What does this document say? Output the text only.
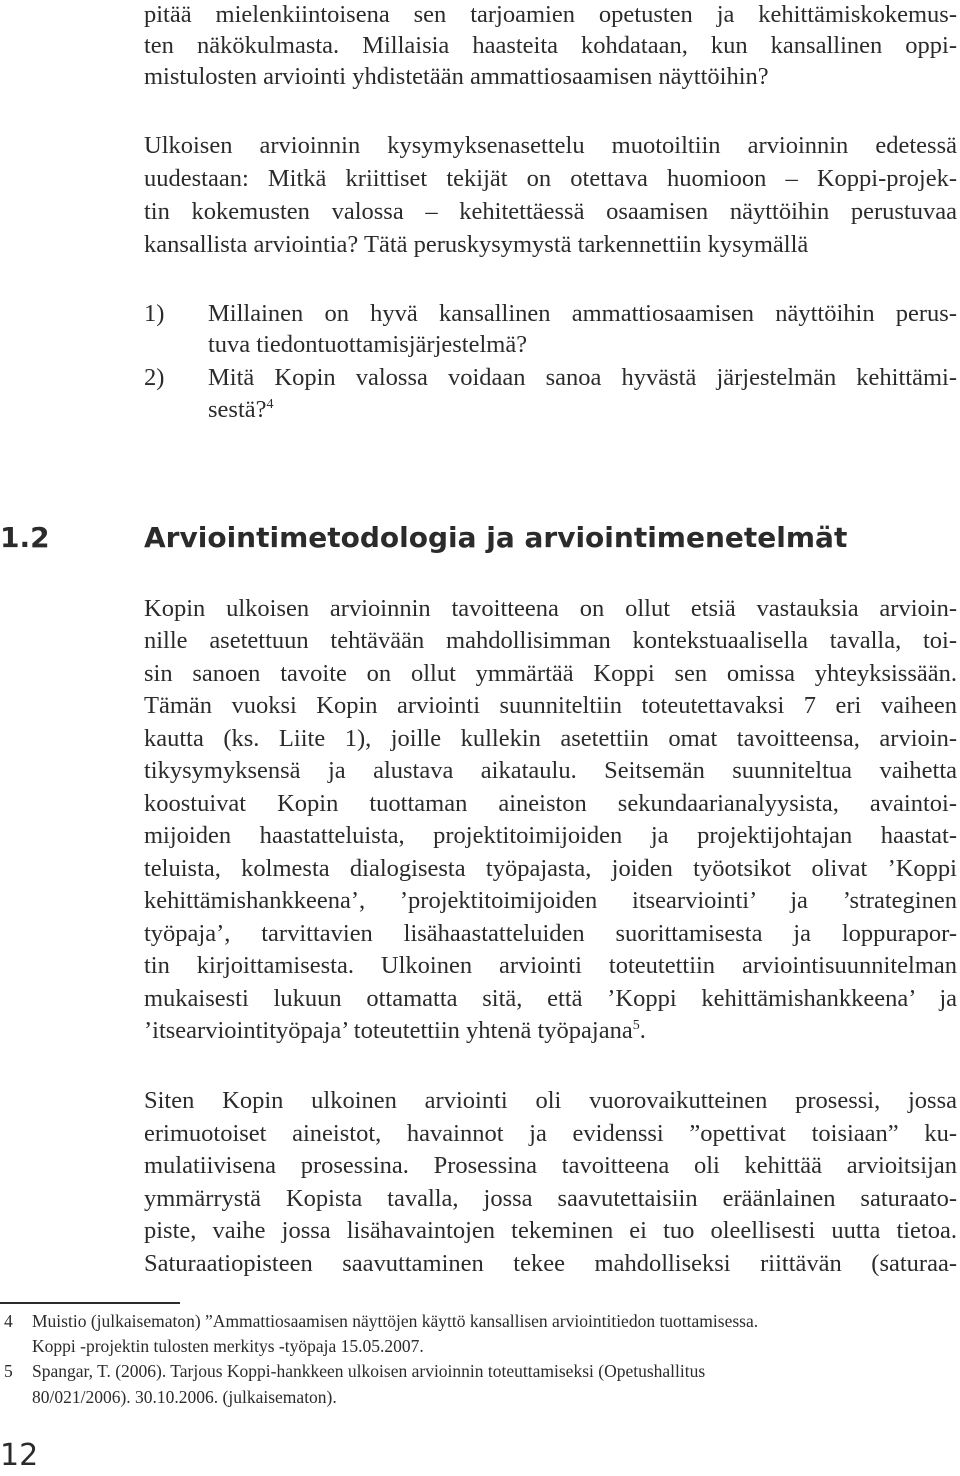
pitää mielenkiintoisena sen tarjoamien opetusten ja kehittämiskokemus-
ten näkökulmasta. Millaisia haasteita kohdataan, kun kansallinen oppi-
mistulosten arviointi yhdistetään ammattiosaamisen näyttöihin?
Ulkoisen arvioinnin kysymyksenasettelu muotoiltiin arvioinnin edetessä
uudestaan: Mitkä kriittiset tekijät on otettava huomioon – Koppi-projek-
tin kokemusten valossa – kehitettäessä osaamisen näyttöihin perustuvaa
kansallista arviointia? Tätä peruskysymystä tarkennettiin kysymällä
1) Millainen on hyvä kansallinen ammattiosaamisen näyttöihin perus-
tuva tiedontuottamisjärjestelmä?
2) Mitä Kopin valossa voidaan sanoa hyvästä järjestelmän kehittämi-
sestä?$^4$
1.2	Arviointimetodologia ja arviointimenetelmät
Kopin ulkoisen arvioinnin tavoitteena on ollut etsiä vastauksia arvioin-
nille asetettuun tehtävään mahdollisimman kontekstuaalisella tavalla, toi-
sin sanoen tavoite on ollut ymmärtää Koppi sen omissa yhteyksissään.
Tämän vuoksi Kopin arviointi suunniteltiin toteutettavaksi 7 eri vaiheen
kautta (ks. Liite 1), joille kullekin asetettiin omat tavoitteensa, arvioin-
tikysymyksensä ja alustava aikataulu. Seitsemän suunniteltua vaihetta
koostuivat Kopin tuottaman aineiston sekundaarianalyysista, avaintoi-
mijoiden haastatteluista, projektitoimijoiden ja projektijohtajan haastat-
teluista, kolmesta dialogisesta työpajasta, joiden työotsikot olivat ’Koppi
kehittämishankkeena’, ’projektitoimijoiden itsearviointi’ ja ’strateginen
työpaja’, tarvittavien lisähaastatteluiden suorittamisesta ja loppurapor-
tin kirjoittamisesta. Ulkoinen arviointi toteutettiin arviointisuunnitelman
mukaisesti lukuun ottamatta sitä, että ’Koppi kehittämishankkeena’ ja
’itsearviointityöpaja’ toteutettiin yhtenä työpajana$^5$.
Siten Kopin ulkoinen arviointi oli vuorovaikutteinen prosessi, jossa
erimuotoiset aineistot, havainnot ja evidenssi ”opettivat toisiaan” ku-
mulatiivisena prosessina. Prosessina tavoitteena oli kehittää arvioitsijan
ymmärrystä Kopista tavalla, jossa saavutettaisiin eräänlainen saturaato-
piste, vaihe jossa lisähavaintojen tekeminen ei tuo oleellisesti uutta tietoa.
Saturaatiopisteen saavuttaminen tekee mahdolliseksi riittävän (saturaa-
4 Muistio (julkaisematon) ”Ammattiosaamisen näyttöjen käyttö kansallisen arviointitiedon tuottamisessa.
Koppi -projektin tulosten merkitys -työpaja 15.05.2007.
5 Spangar, T. (2006). Tarjous Koppi-hankkeen ulkoisen arvioinnin toteuttamiseksi (Opetushallitus
80/021/2006). 30.10.2006. (julkaisematon).
12
